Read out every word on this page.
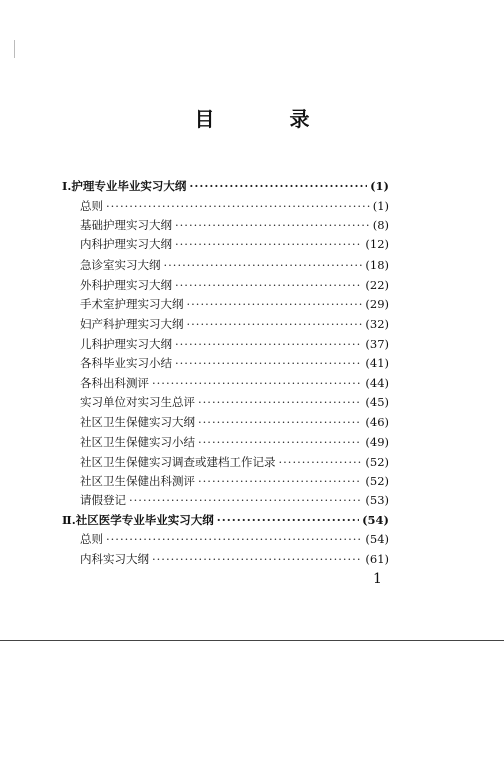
目 录
Ⅰ. 护理专业毕业实习大纲 ·····	(1)
总则 ·····	(1)
基础护理实习大纲 ·····	(8)
内科护理实习大纲 ·····	(12)
急诊室实习大纲 ·····	(18)
外科护理实习大纲 ·····	(22)
手术室护理实习大纲 ·····	(29)
妇产科护理实习大纲 ·····	(32)
儿科护理实习大纲 ·····	(37)
各科毕业实习小结 ·····	(41)
各科出科测评 ·····	(44)
实习单位对实习生总评 ·····	(45)
社区卫生保健实习大纲 ·····	(46)
社区卫生保健实习小结 ·····	(49)
社区卫生保健实习调查或建档工作记录 ·····	(52)
社区卫生保健出科测评 ·····	(52)
请假登记 ·····	(53)
Ⅱ. 社区医学专业毕业实习大纲 ·····	(54)
总则 ·····	(54)
内科实习大纲 ·····	(61)
1
